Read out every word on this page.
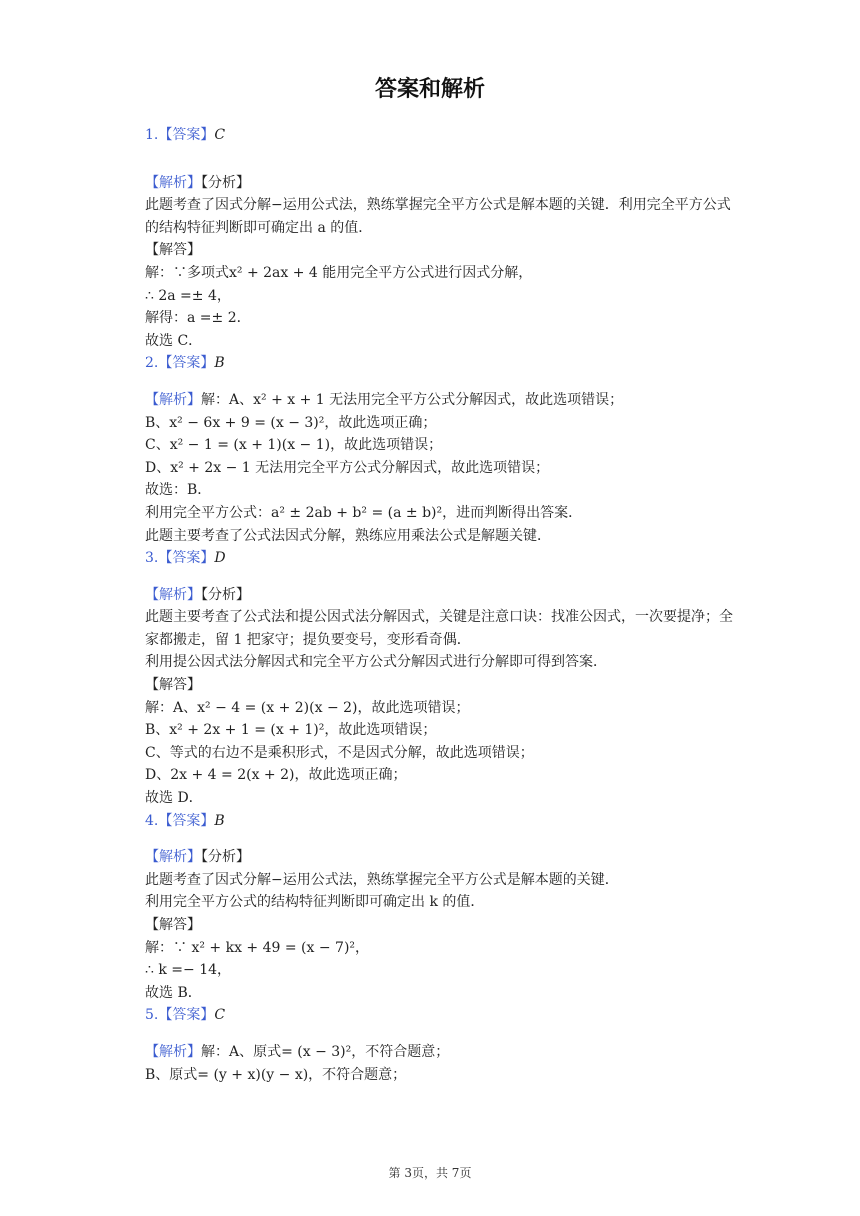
答案和解析
1.【答案】C
【解析】【分析】
此题考查了因式分解−运用公式法，熟练掌握完全平方公式是解本题的关键．利用完全平方公式的结构特征判断即可确定出 a 的值．
【解答】
解：∵多项式x² + 2ax + 4 能用完全平方公式进行因式分解，
∴ 2a =± 4，
解得：a =± 2．
故选 C．
2.【答案】B
【解析】解：A、x² + x + 1 无法用完全平方公式分解因式，故此选项错误；
B、x² − 6x + 9 = (x − 3)²，故此选项正确；
C、x² − 1 = (x + 1)(x − 1)，故此选项错误；
D、x² + 2x − 1 无法用完全平方公式分解因式，故此选项错误；
故选：B．
利用完全平方公式：a² ± 2ab + b² = (a ± b)²，进而判断得出答案．
此题主要考查了公式法因式分解，熟练应用乘法公式是解题关键．
3.【答案】D
【解析】【分析】
此题主要考查了公式法和提公因式法分解因式，关键是注意口诀：找准公因式，一次要提净；全家都搬走，留 1 把家守；提负要变号，变形看奇偶．
利用提公因式法分解因式和完全平方公式分解因式进行分解即可得到答案．
【解答】
解：A、x² − 4 = (x + 2)(x − 2)，故此选项错误；
B、x² + 2x + 1 = (x + 1)²，故此选项错误；
C、等式的右边不是乘积形式，不是因式分解，故此选项错误；
D、2x + 4 = 2(x + 2)，故此选项正确；
故选 D．
4.【答案】B
【解析】【分析】
此题考查了因式分解−运用公式法，熟练掌握完全平方公式是解本题的关键．
利用完全平方公式的结构特征判断即可确定出 k 的值．
【解答】
解：∵ x² + kx + 49 = (x − 7)²，
∴ k =− 14，
故选 B．
5.【答案】C
【解析】解：A、原式= (x − 3)²，不符合题意；
B、原式= (y + x)(y − x)，不符合题意；
第 3页，共 7页
